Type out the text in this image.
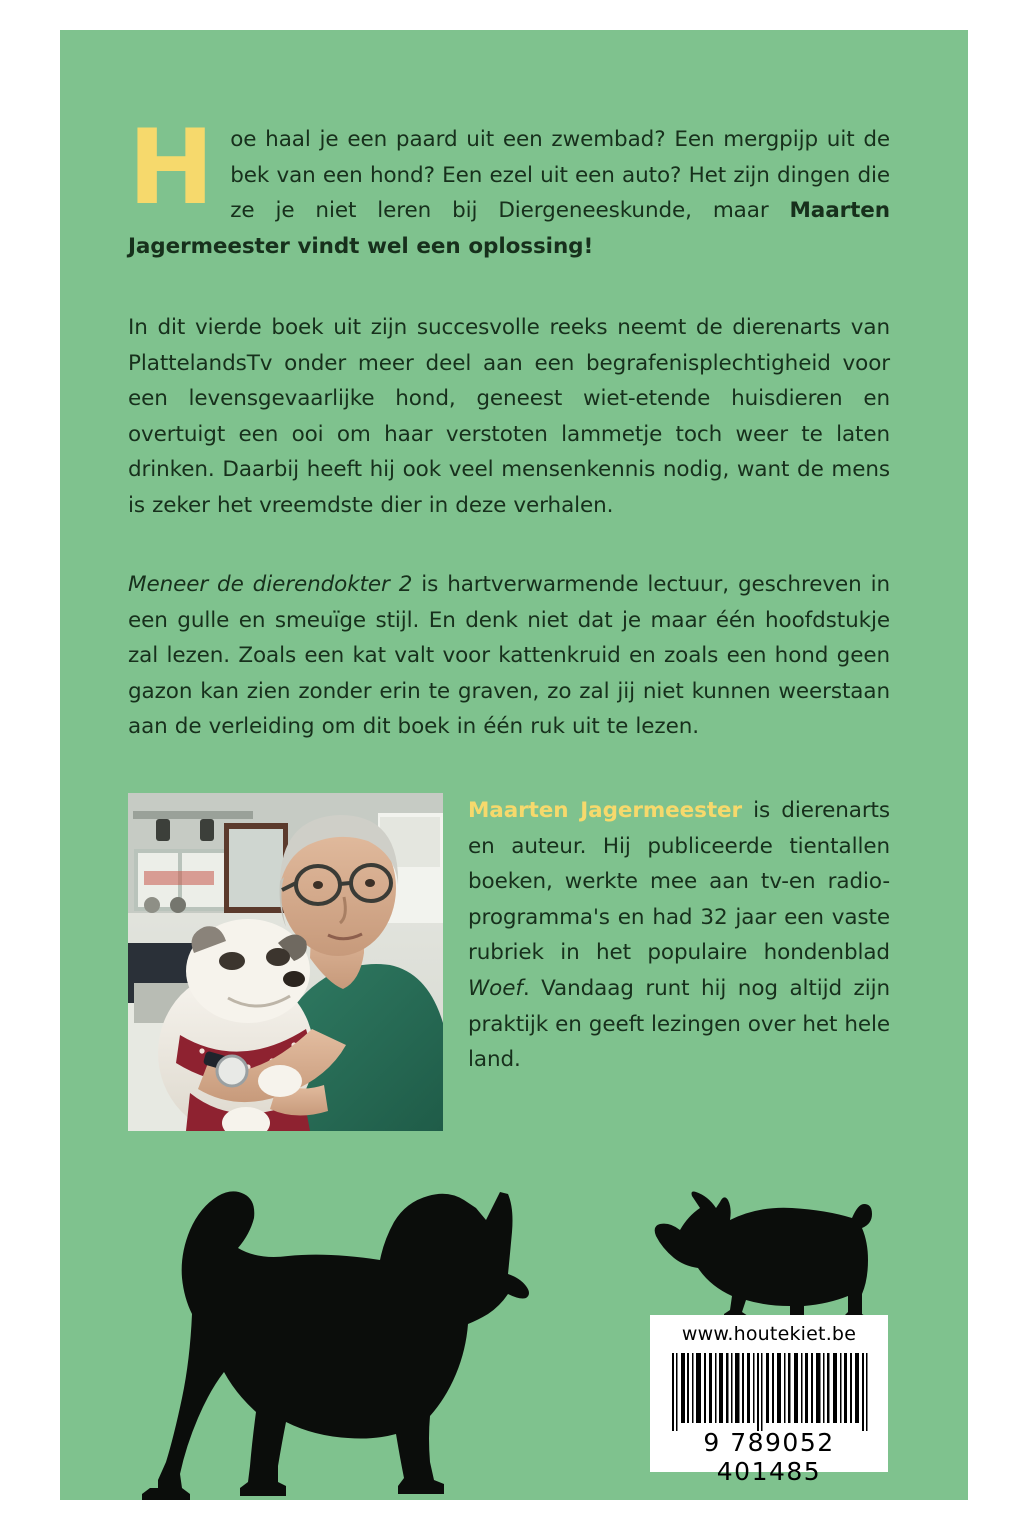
Hoe haal je een paard uit een zwembad? Een mergpijp uit de bek van een hond? Een ezel uit een auto? Het zijn dingen die ze je niet leren bij Diergeneeskunde, maar Maarten Jagermeester vindt wel een oplossing!
In dit vierde boek uit zijn succesvolle reeks neemt de dierenarts van PlattelandsTv onder meer deel aan een begrafenisplechtigheid voor een levensgevaarlijke hond, geneest wiet-etende huisdieren en overtuigt een ooi om haar verstoten lammetje toch weer te laten drinken. Daarbij heeft hij ook veel mensenkennis nodig, want de mens is zeker het vreemdste dier in deze verhalen.
Meneer de dierendokter 2 is hartverwarmende lectuur, geschreven in een gulle en smeuïge stijl. En denk niet dat je maar één hoofdstukje zal lezen. Zoals een kat valt voor kattenkruid en zoals een hond geen gazon kan zien zonder erin te graven, zo zal jij niet kunnen weerstaan aan de verleiding om dit boek in één ruk uit te lezen.
Maarten Jagermeester is dierenarts en auteur. Hij publiceerde tientallen boeken, werkte mee aan tv-en radio-programma's en had 32 jaar een vaste rubriek in het populaire hondenblad Woef. Vandaag runt hij nog altijd zijn praktijk en geeft lezingen over het hele land.
www.houtekiet.be
9 789052 401485
